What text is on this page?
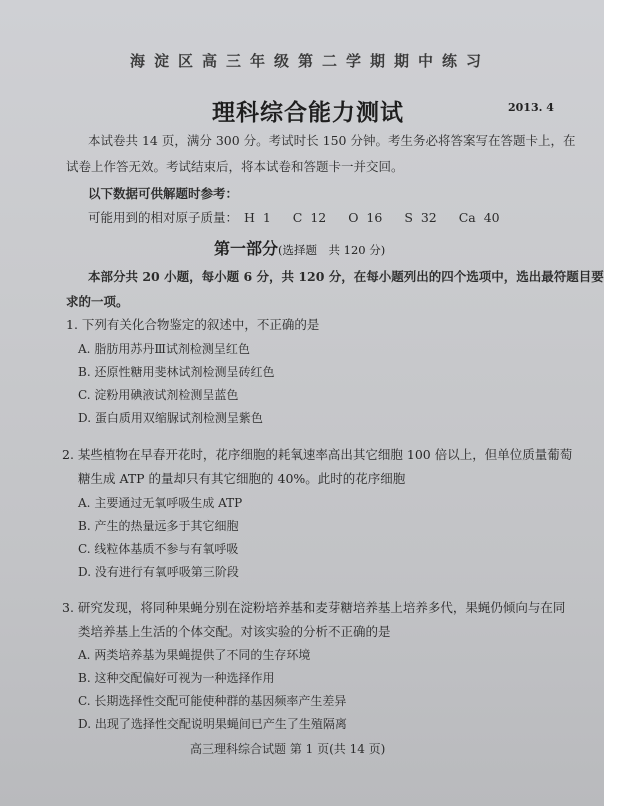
海淀区高三年级第二学期期中练习
理科综合能力测试	2013. 4
本试卷共 14 页，满分 300 分。考试时长 150 分钟。考生务必将答案写在答题卡上，在
试卷上作答无效。考试结束后，将本试卷和答题卡一并交回。
以下数据可供解题时参考：
可能用到的相对原子质量： H 1 C 12 O 16 S 32 Ca 40
第一部分(选择题　共 120 分)
本部分共 20 小题，每小题 6 分，共 120 分，在每小题列出的四个选项中，选出最符题目要
求的一项。
1. 下列有关化合物鉴定的叙述中，不正确的是
A. 脂肪用苏丹Ⅲ试剂检测呈红色
B. 还原性糖用斐林试剂检测呈砖红色
C. 淀粉用碘液试剂检测呈蓝色
D. 蛋白质用双缩脲试剂检测呈紫色
2. 某些植物在早春开花时，花序细胞的耗氧速率高出其它细胞 100 倍以上，但单位质量葡萄
糖生成 ATP 的量却只有其它细胞的 40%。此时的花序细胞
A. 主要通过无氧呼吸生成 ATP
B. 产生的热量远多于其它细胞
C. 线粒体基质不参与有氧呼吸
D. 没有进行有氧呼吸第三阶段
3. 研究发现，将同种果蝇分别在淀粉培养基和麦芽糖培养基上培养多代，果蝇仍倾向与在同
类培养基上生活的个体交配。对该实验的分析不正确的是
A. 两类培养基为果蝇提供了不同的生存环境
B. 这种交配偏好可视为一种选择作用
C. 长期选择性交配可能使种群的基因频率产生差异
D. 出现了选择性交配说明果蝇间已产生了生殖隔离
高三理科综合试题 第 1 页(共 14 页)
